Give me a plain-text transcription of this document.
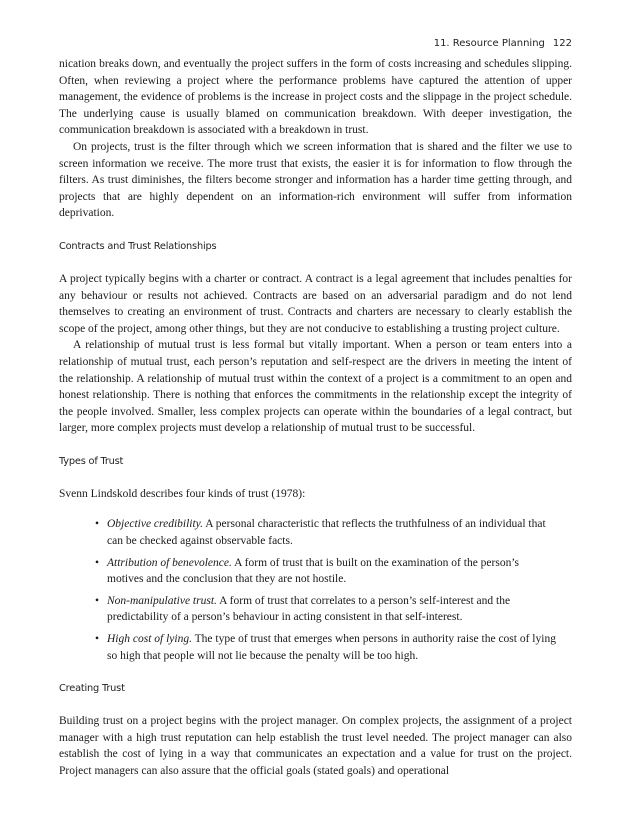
11. Resource Planning 122

nication breaks down, and eventually the project suffers in the form of costs increasing and schedules slipping. Often, when reviewing a project where the performance problems have captured the attention of upper management, the evidence of problems is the increase in project costs and the slippage in the project schedule. The underlying cause is usually blamed on communication breakdown. With deeper investigation, the communication breakdown is associated with a breakdown in trust.

On projects, trust is the filter through which we screen information that is shared and the filter we use to screen information we receive. The more trust that exists, the easier it is for information to flow through the filters. As trust diminishes, the filters become stronger and information has a harder time getting through, and projects that are highly dependent on an information-rich environment will suffer from information deprivation.

Contracts and Trust Relationships

A project typically begins with a charter or contract. A contract is a legal agreement that includes penalties for any behaviour or results not achieved. Contracts are based on an adversarial paradigm and do not lend themselves to creating an environment of trust. Contracts and charters are necessary to clearly establish the scope of the project, among other things, but they are not conducive to establishing a trusting project culture.

A relationship of mutual trust is less formal but vitally important. When a person or team enters into a relationship of mutual trust, each person’s reputation and self-respect are the drivers in meeting the intent of the relationship. A relationship of mutual trust within the context of a project is a commitment to an open and honest relationship. There is nothing that enforces the commitments in the relationship except the integrity of the people involved. Smaller, less complex projects can operate within the boundaries of a legal contract, but larger, more complex projects must develop a relationship of mutual trust to be successful.

Types of Trust

Svenn Lindskold describes four kinds of trust (1978):

• Objective credibility. A personal characteristic that reflects the truthfulness of an individual that can be checked against observable facts.
• Attribution of benevolence. A form of trust that is built on the examination of the person’s motives and the conclusion that they are not hostile.
• Non-manipulative trust. A form of trust that correlates to a person’s self-interest and the predictability of a person’s behaviour in acting consistent in that self-interest.
• High cost of lying. The type of trust that emerges when persons in authority raise the cost of lying so high that people will not lie because the penalty will be too high.
Creating Trust

Building trust on a project begins with the project manager. On complex projects, the assignment of a project manager with a high trust reputation can help establish the trust level needed. The project manager can also establish the cost of lying in a way that communicates an expectation and a value for trust on the project. Project managers can also assure that the official goals (stated goals) and operational
